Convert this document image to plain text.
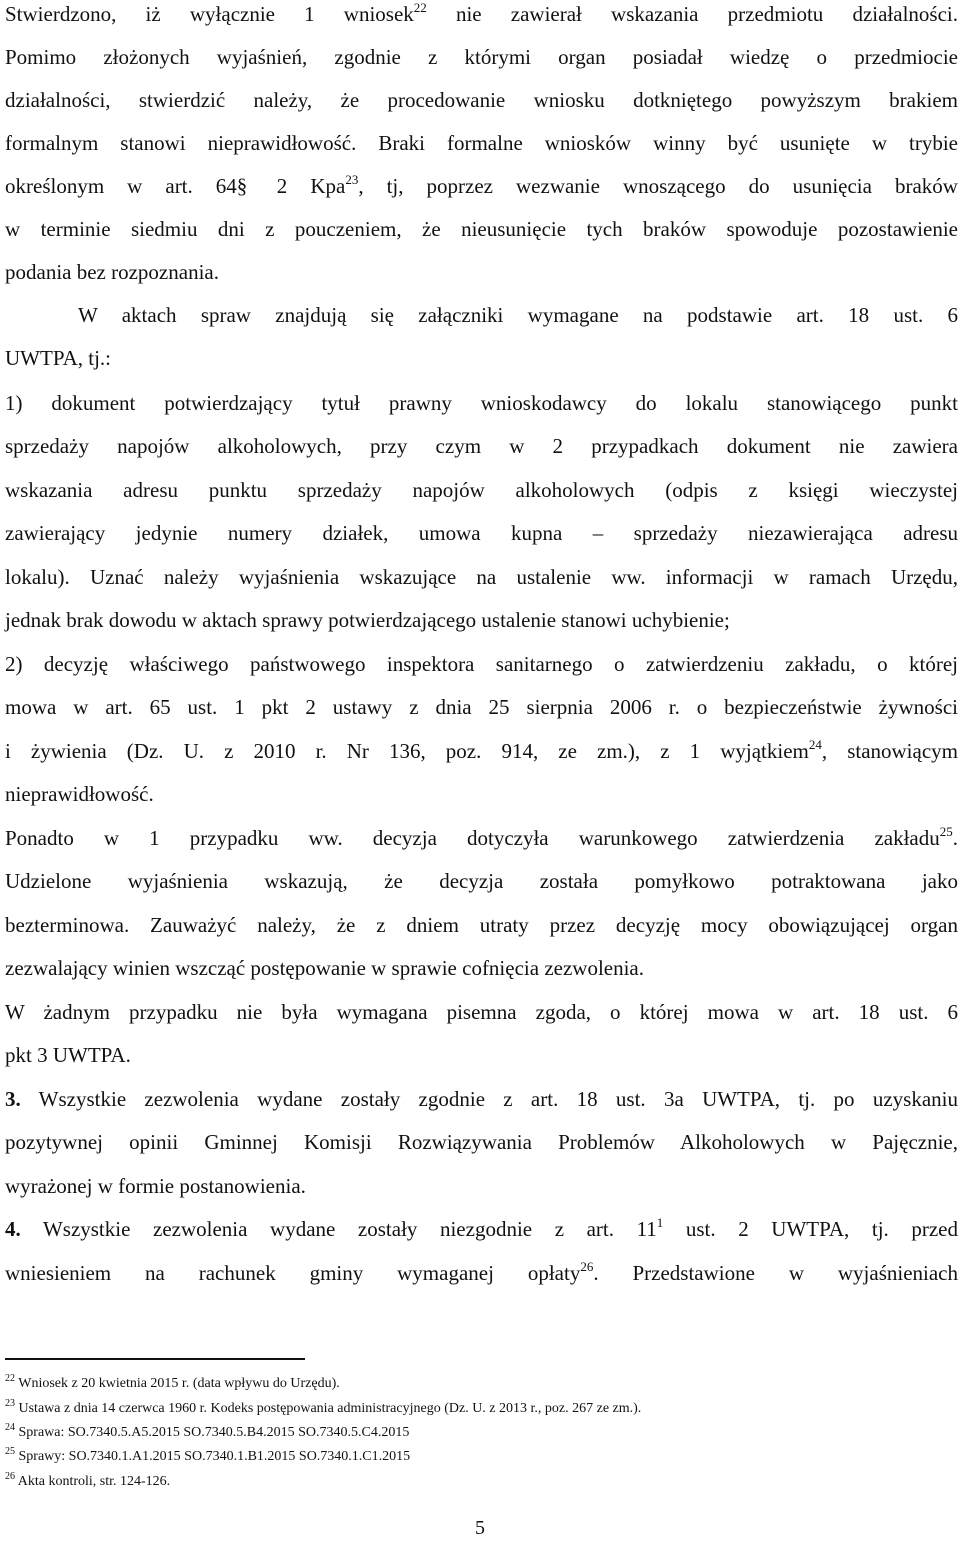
Stwierdzono, iż wyłącznie 1 wniosek$^{22}$ nie zawierał wskazania przedmiotu działalności.
Pomimo złożonych wyjaśnień, zgodnie z którymi organ posiadał wiedzę o przedmiocie
działalności, stwierdzić należy, że procedowanie wniosku dotkniętego powyższym brakiem
formalnym stanowi nieprawidłowość. Braki formalne wniosków winny być usunięte w trybie
określonym w art. 64§ 2 Kpa$^{23}$, tj, poprzez wezwanie wnoszącego do usunięcia braków
w terminie siedmiu dni z pouczeniem, że nieusunięcie tych braków spowoduje pozostawienie
podania bez rozpoznania.
W aktach spraw znajdują się załączniki wymagane na podstawie art. 18 ust. 6
UWTPA, tj.:
1) dokument potwierdzający tytuł prawny wnioskodawcy do lokalu stanowiącego punkt
sprzedaży napojów alkoholowych, przy czym w 2 przypadkach dokument nie zawiera
wskazania adresu punktu sprzedaży napojów alkoholowych (odpis z księgi wieczystej
zawierający jedynie numery działek, umowa kupna – sprzedaży niezawierająca adresu
lokalu). Uznać należy wyjaśnienia wskazujące na ustalenie ww. informacji w ramach Urzędu,
jednak brak dowodu w aktach sprawy potwierdzającego ustalenie stanowi uchybienie;
2) decyzję właściwego państwowego inspektora sanitarnego o zatwierdzeniu zakładu, o której
mowa w art. 65 ust. 1 pkt 2 ustawy z dnia 25 sierpnia 2006 r. o bezpieczeństwie żywności
i żywienia (Dz. U. z 2010 r. Nr 136, poz. 914, ze zm.), z 1 wyjątkiem$^{24}$, stanowiącym
nieprawidłowość.
Ponadto w 1 przypadku ww. decyzja dotyczyła warunkowego zatwierdzenia zakładu$^{25}$.
Udzielone wyjaśnienia wskazują, że decyzja została pomyłkowo potraktowana jako
bezterminowa. Zauważyć należy, że z dniem utraty przez decyzję mocy obowiązującej organ
zezwalający winien wszcząć postępowanie w sprawie cofnięcia zezwolenia.
W żadnym przypadku nie była wymagana pisemna zgoda, o której mowa w art. 18 ust. 6
pkt 3 UWTPA.
3. Wszystkie zezwolenia wydane zostały zgodnie z art. 18 ust. 3a UWTPA, tj. po uzyskaniu
pozytywnej opinii Gminnej Komisji Rozwiązywania Problemów Alkoholowych w Pajęcznie,
wyrażonej w formie postanowienia.
4. Wszystkie zezwolenia wydane zostały niezgodnie z art. $11^1$ ust. 2 UWTPA, tj. przed
wniesieniem na rachunek gminy wymaganej opłaty$^{26}$. Przedstawione w wyjaśnieniach
$^{22}$ Wniosek z 20 kwietnia 2015 r. (data wpływu do Urzędu).
$^{23}$ Ustawa z dnia 14 czerwca 1960 r. Kodeks postępowania administracyjnego (Dz. U. z 2013 r., poz. 267 ze zm.).
$^{24}$ Sprawa: SO.7340.5.A5.2015 SO.7340.5.B4.2015 SO.7340.5.C4.2015
$^{25}$ Sprawy: SO.7340.1.A1.2015 SO.7340.1.B1.2015 SO.7340.1.C1.2015
$^{26}$ Akta kontroli, str. 124-126.
5
